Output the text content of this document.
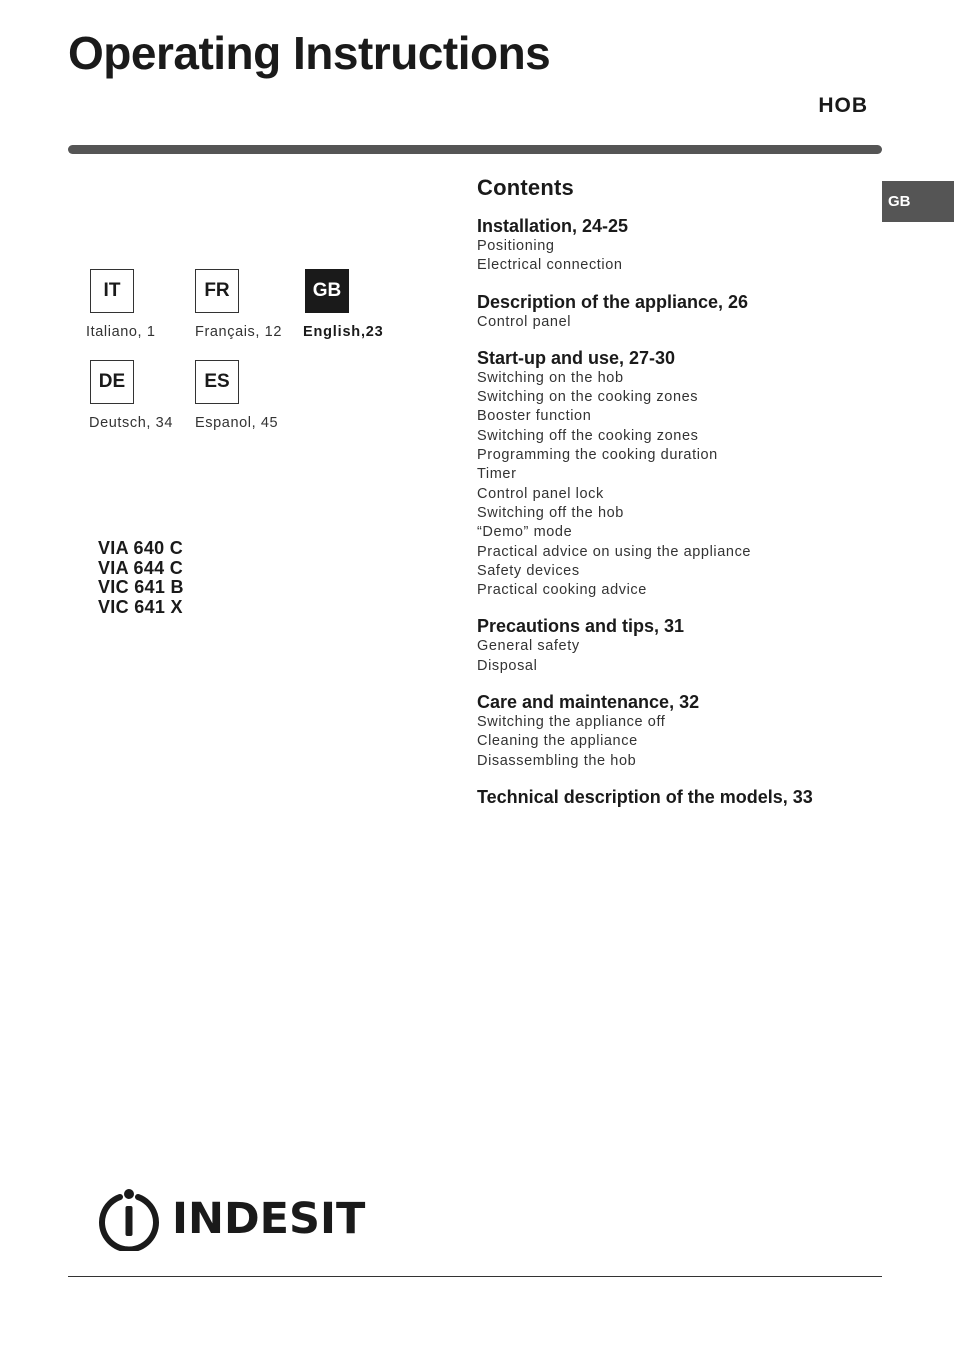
Operating Instructions
HOB
GB
IT
Italiano, 1
FR
Français, 12
GB
English,23
DE
Deutsch, 34
ES
Espanol, 45
VIA 640 C
VIA 644 C
VIC 641 B
VIC 641 X
Contents
Installation, 24-25
Positioning
Electrical connection
Description of the appliance, 26
Control panel
Start-up and use, 27-30
Switching on the hob
Switching on the cooking zones
Booster function
Switching off the cooking zones
Programming the cooking duration
Timer
Control panel lock
Switching off the hob
“Demo” mode
Practical advice on using the appliance
Safety devices
Practical cooking advice
Precautions and tips, 31
General safety
Disposal
Care and maintenance, 32
Switching the appliance off
Cleaning the appliance
Disassembling the hob
Technical description of the models, 33
INDESIT
